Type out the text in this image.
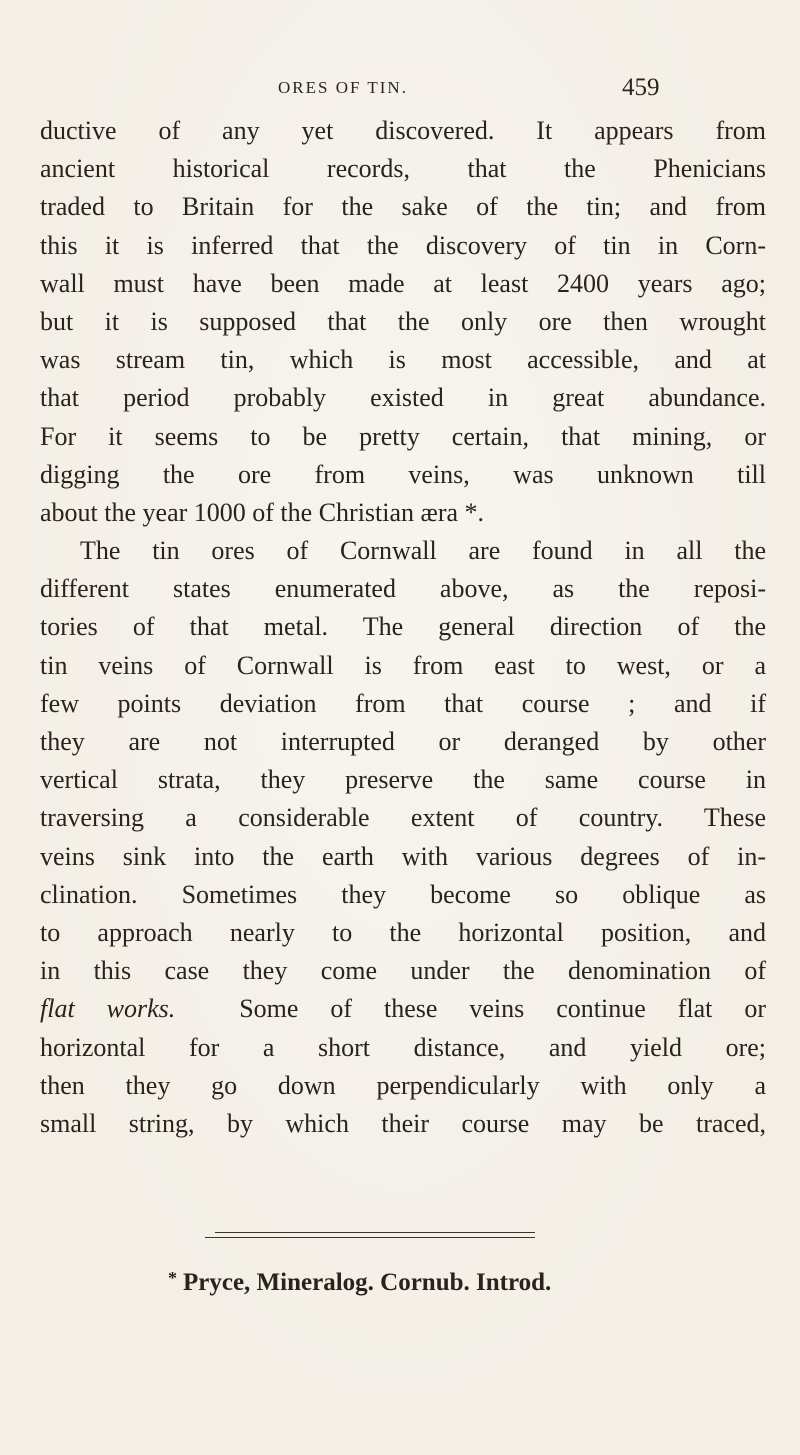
ORES OF TIN.	459
ductive of any yet discovered. It appears from
ancient historical records, that the Phenicians
traded to Britain for the sake of the tin; and from
this it is inferred that the discovery of tin in Corn-
wall must have been made at least 2400 years ago;
but it is supposed that the only ore then wrought
was stream tin, which is most accessible, and at
that period probably existed in great abundance.
For it seems to be pretty certain, that mining, or
digging the ore from veins, was unknown till
about the year 1000 of the Christian æra *.
The tin ores of Cornwall are found in all the
different states enumerated above, as the reposi-
tories of that metal. The general direction of the
tin veins of Cornwall is from east to west, or a
few points deviation from that course ; and if
they are not interrupted or deranged by other
vertical strata, they preserve the same course in
traversing a considerable extent of country. These
veins sink into the earth with various degrees of in-
clination. Sometimes they become so oblique as
to approach nearly to the horizontal position, and
in this case they come under the denomination of
flat works. Some of these veins continue flat or
horizontal for a short distance, and yield ore;
then they go down perpendicularly with only a
small string, by which their course may be traced,
* Pryce, Mineralog. Cornub. Introd.
